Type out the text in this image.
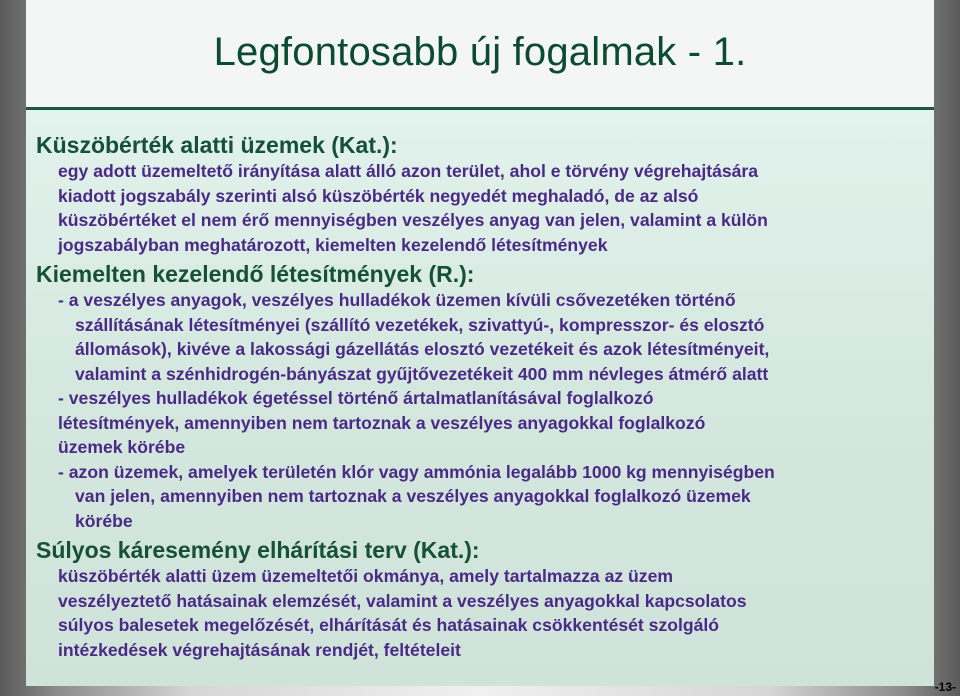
Legfontosabb új fogalmak - 1.

Küszöbérték alatti üzemek (Kat.):

egy adott üzemeltető irányítása alatt álló azon terület, ahol e törvény végrehajtására
kiadott jogszabály szerinti alsó küszöbérték negyedét meghaladó, de az alsó
küszöbértéket el nem érő mennyiségben veszélyes anyag van jelen, valamint a külön
jogszabályban meghatározott, kiemelten kezelendő létesítmények

Kiemelten kezelendő létesítmények (R.):

- a veszélyes anyagok, veszélyes hulladékok üzemen kívüli csővezetéken történő
szállításának létesítményei (szállító vezetékek, szivattyú-, kompresszor- és elosztó
állomások), kivéve a lakossági gázellátás elosztó vezetékeit és azok létesítményeit,
valamint a szénhidrogén-bányászat gyűjtővezetékeit 400 mm névleges átmérő alatt

- veszélyes hulladékok égetéssel történő ártalmatlanításával foglalkozó
létesítmények, amennyiben nem tartoznak a veszélyes anyagokkal foglalkozó
üzemek körébe

- azon üzemek, amelyek területén klór vagy ammónia legalább 1000 kg mennyiségben
van jelen, amennyiben nem tartoznak a veszélyes anyagokkal foglalkozó üzemek
körébe

Súlyos káresemény elhárítási terv (Kat.):

küszöbérték alatti üzem üzemeltetői okmánya, amely tartalmazza az üzem
veszélyeztető hatásainak elemzését, valamint a veszélyes anyagokkal kapcsolatos
súlyos balesetek megelőzését, elhárítását és hatásainak csökkentését szolgáló
intézkedések végrehajtásának rendjét, feltételeit

-13-
